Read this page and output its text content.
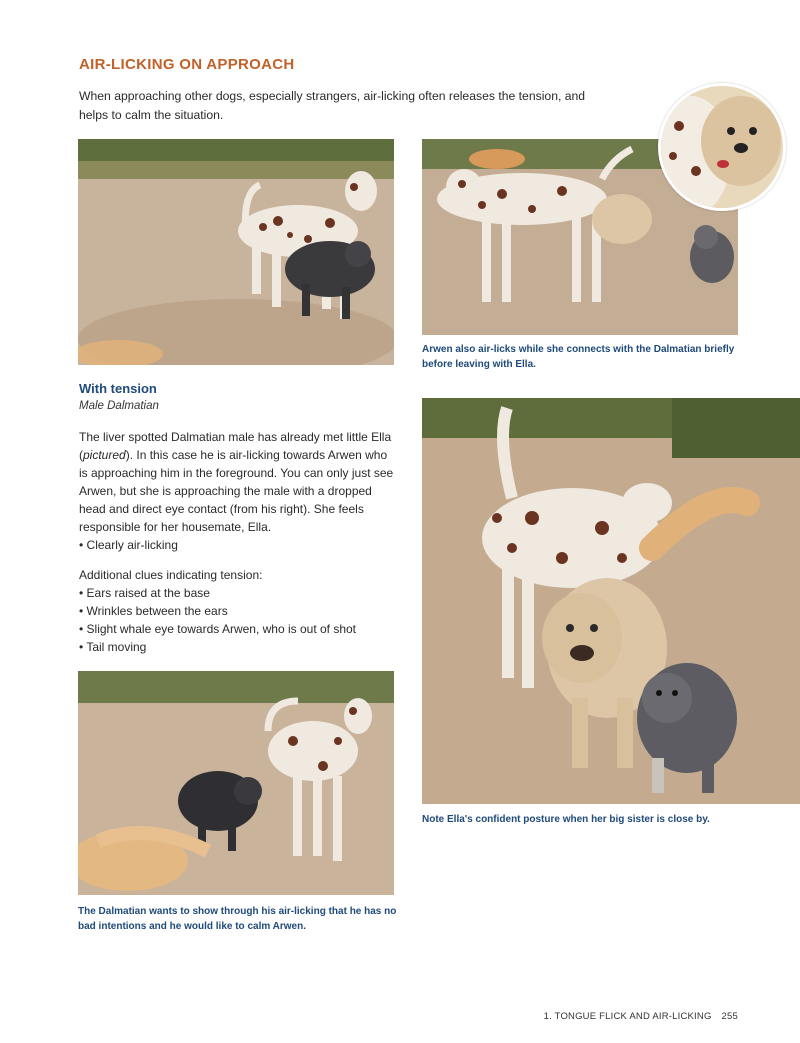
AIR-LICKING ON APPROACH
When approaching other dogs, especially strangers, air-licking often releases the tension, and helps to calm the situation.
Arwen also air-licks while she connects with the Dalmatian briefly before leaving with Ella.
With tension
Male Dalmatian

The liver spotted Dalmatian male has already met little Ella (pictured). In this case he is air-licking towards Arwen who is approaching him in the foreground. You can only just see Arwen, but she is approaching the male with a dropped head and direct eye contact (from his right). She feels responsible for her housemate, Ella.

• Clearly air-licking

Additional clues indicating tension:
• Ears raised at the base
• Wrinkles between the ears
• Slight whale eye towards Arwen, who is out of shot
• Tail moving
Note Ella's confident posture when her big sister is close by.
The Dalmatian wants to show through his air-licking that he has no bad intentions and he would like to calm Arwen.
1. TONGUE FLICK AND AIR-LICKING 255
